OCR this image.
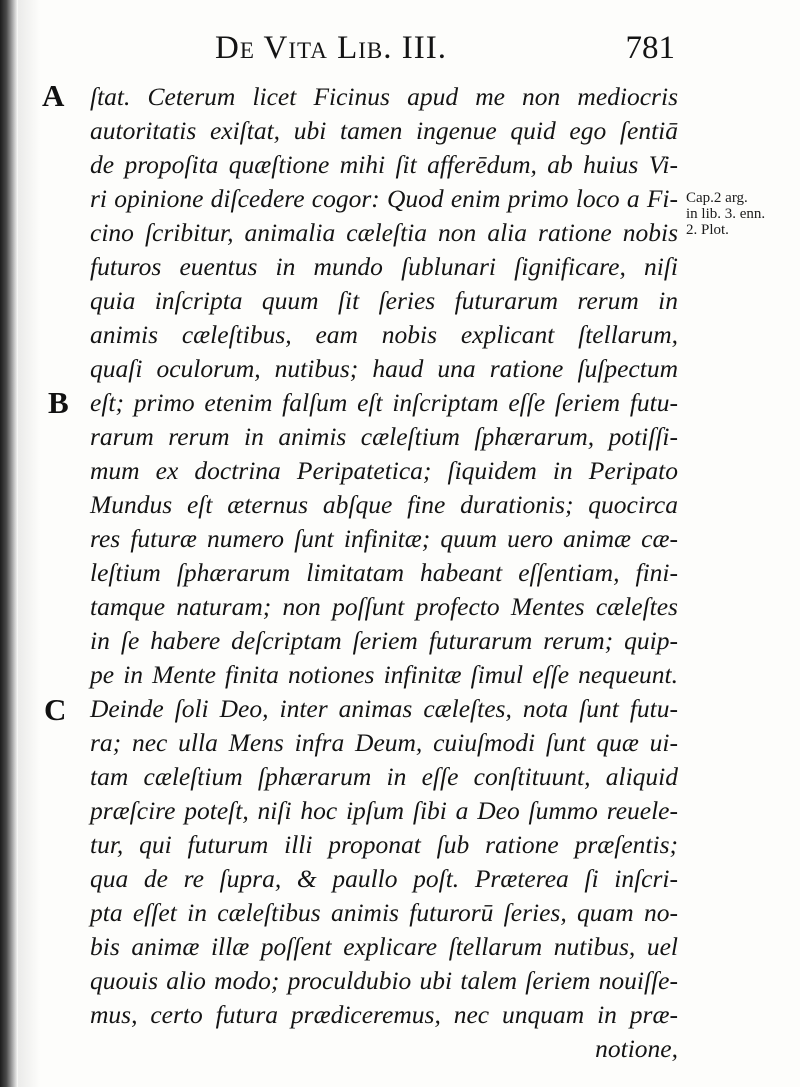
De Vita Lib. III.	781
A
B
C
Cap.2 arg.
in lib. 3. enn.
2. Plot.
ſtat. Ceterum licet Ficinus apud me non mediocris
autoritatis exiſtat, ubi tamen ingenue quid ego ſentiā
de propoſita quæſtione mihi ſit afferēdum, ab huius Vi-
ri opinione diſcedere cogor: Quod enim primo loco a Fi-
cino ſcribitur, animalia cæleſtia non alia ratione nobis
futuros euentus in mundo ſublunari ſignificare, niſi
quia inſcripta quum ſit ſeries futurarum rerum in
animis cæleſtibus, eam nobis explicant ſtellarum,
quaſi oculorum, nutibus; haud una ratione ſuſpectum
eſt; primo etenim falſum eſt inſcriptam eſſe ſeriem futu-
rarum rerum in animis cæleſtium ſphærarum, potiſſi-
mum ex doctrina Peripatetica; ſiquidem in Peripato
Mundus eſt æternus abſque fine durationis; quocirca
res futuræ numero ſunt infinitæ; quum uero animæ cæ-
leſtium ſphærarum limitatam habeant eſſentiam, fini-
tamque naturam; non poſſunt profecto Mentes cæleſtes
in ſe habere deſcriptam ſeriem futurarum rerum; quip-
pe in Mente finita notiones infinitæ ſimul eſſe nequeunt.
Deinde ſoli Deo, inter animas cæleſtes, nota ſunt futu-
ra; nec ulla Mens infra Deum, cuiuſmodi ſunt quæ ui-
tam cæleſtium ſphærarum in eſſe conſtituunt, aliquid
præſcire poteſt, niſi hoc ipſum ſibi a Deo ſummo reuele-
tur, qui futurum illi proponat ſub ratione præſentis;
qua de re ſupra, & paullo poſt. Præterea ſi inſcri-
pta eſſet in cæleſtibus animis futurorū ſeries, quam no-
bis animæ illæ poſſent explicare ſtellarum nutibus, uel
quouis alio modo; proculdubio ubi talem ſeriem nouiſſe-
mus, certo futura prædiceremus, nec unquam in præ-
notione,
